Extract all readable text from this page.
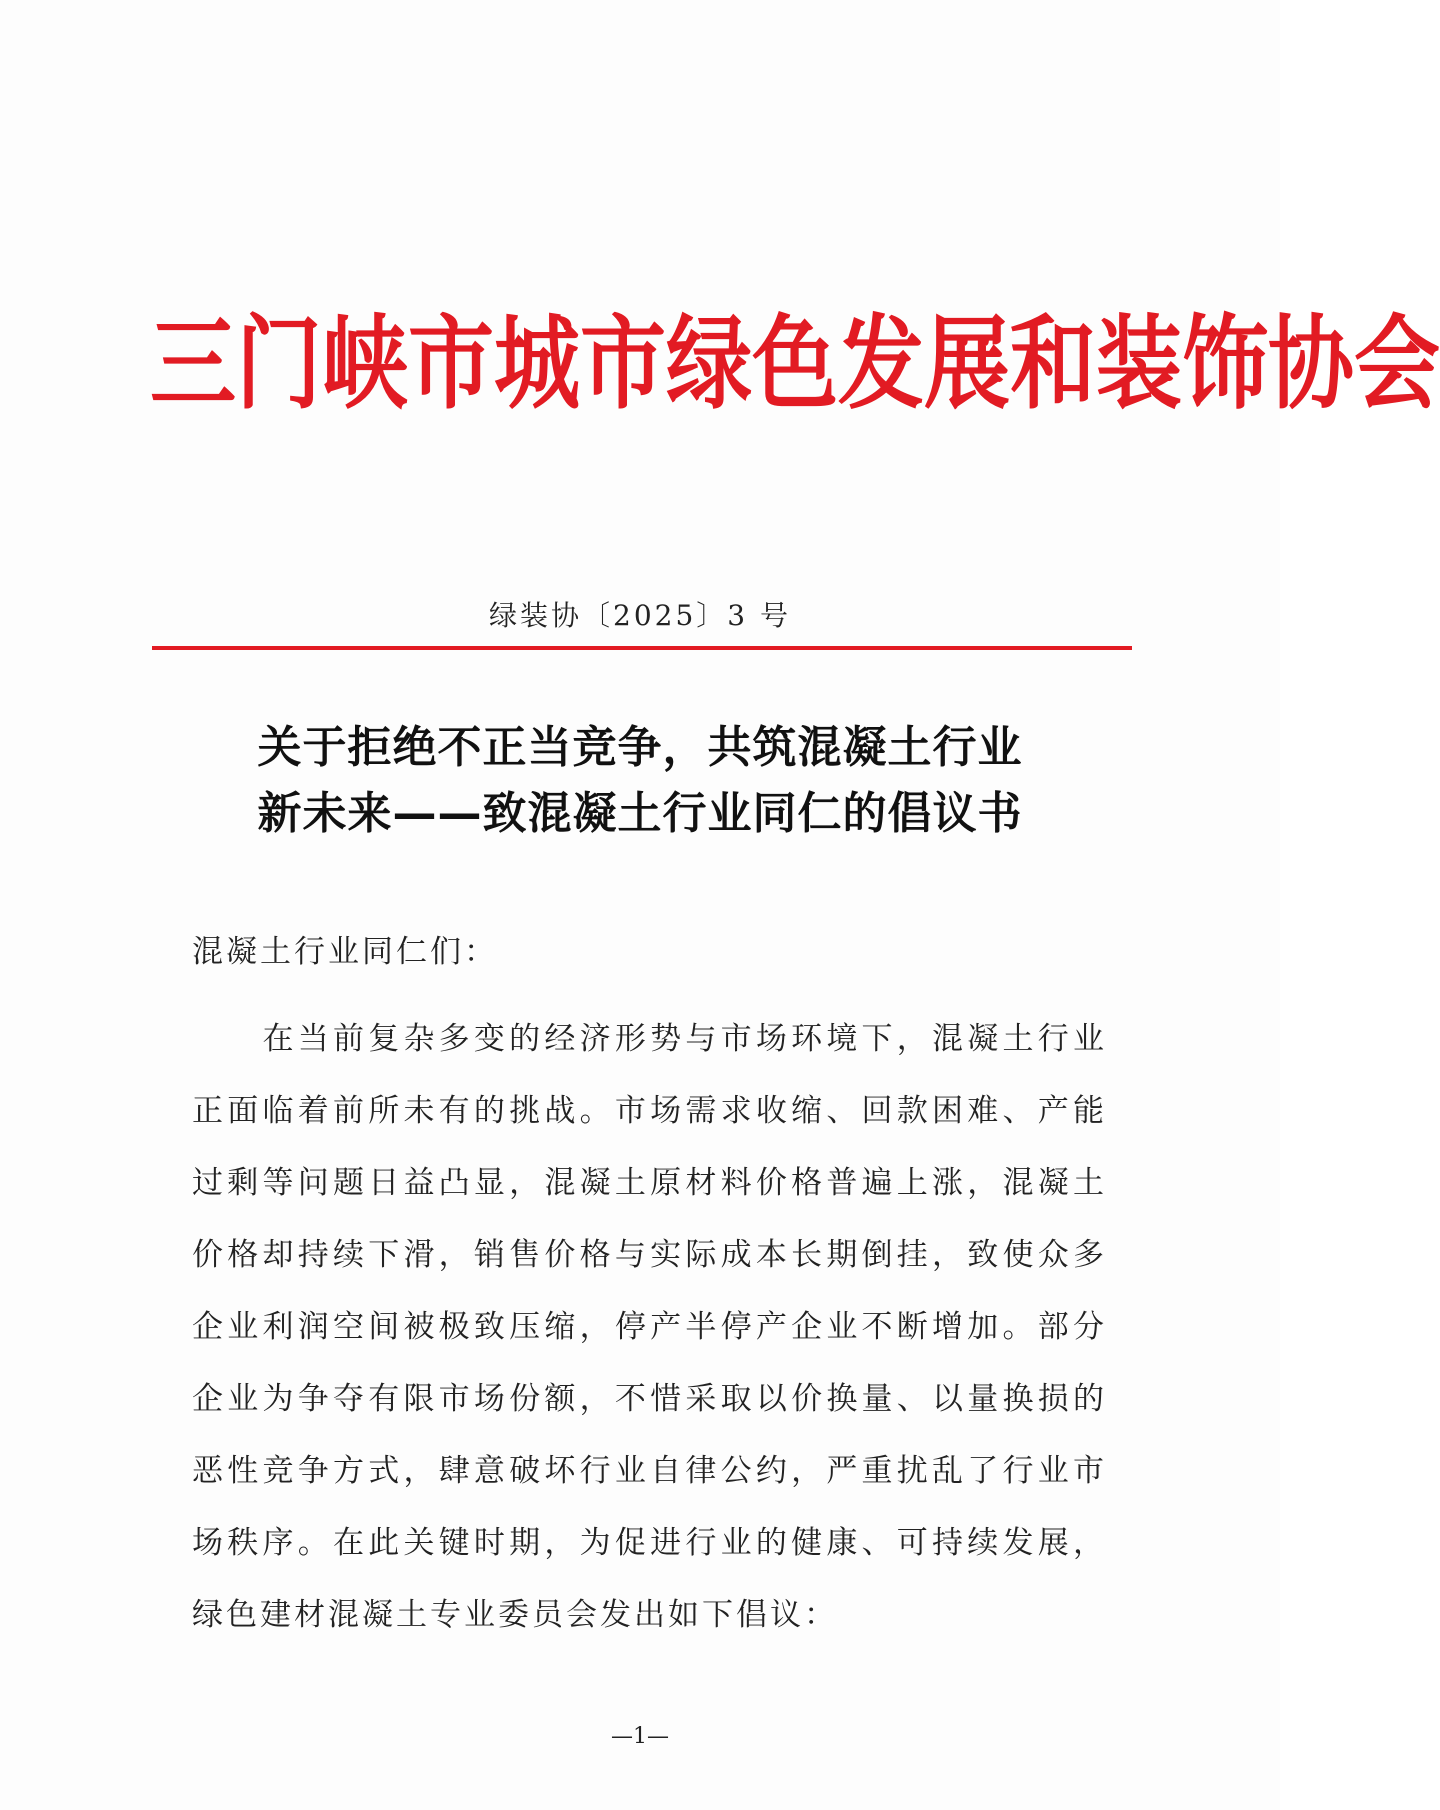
三门峡市城市绿色发展和装饰协会
绿装协〔2025〕3 号
关于拒绝不正当竞争，共筑混凝土行业
新未来——致混凝土行业同仁的倡议书
混凝土行业同仁们：
　　在当前复杂多变的经济形势与市场环境下，混凝土行业
正面临着前所未有的挑战。市场需求收缩、回款困难、产能
过剩等问题日益凸显，混凝土原材料价格普遍上涨，混凝土
价格却持续下滑，销售价格与实际成本长期倒挂，致使众多
企业利润空间被极致压缩，停产半停产企业不断增加。部分
企业为争夺有限市场份额，不惜采取以价换量、以量换损的
恶性竞争方式，肆意破坏行业自律公约，严重扰乱了行业市
场秩序。在此关键时期，为促进行业的健康、可持续发展，
绿色建材混凝土专业委员会发出如下倡议：
—1—
